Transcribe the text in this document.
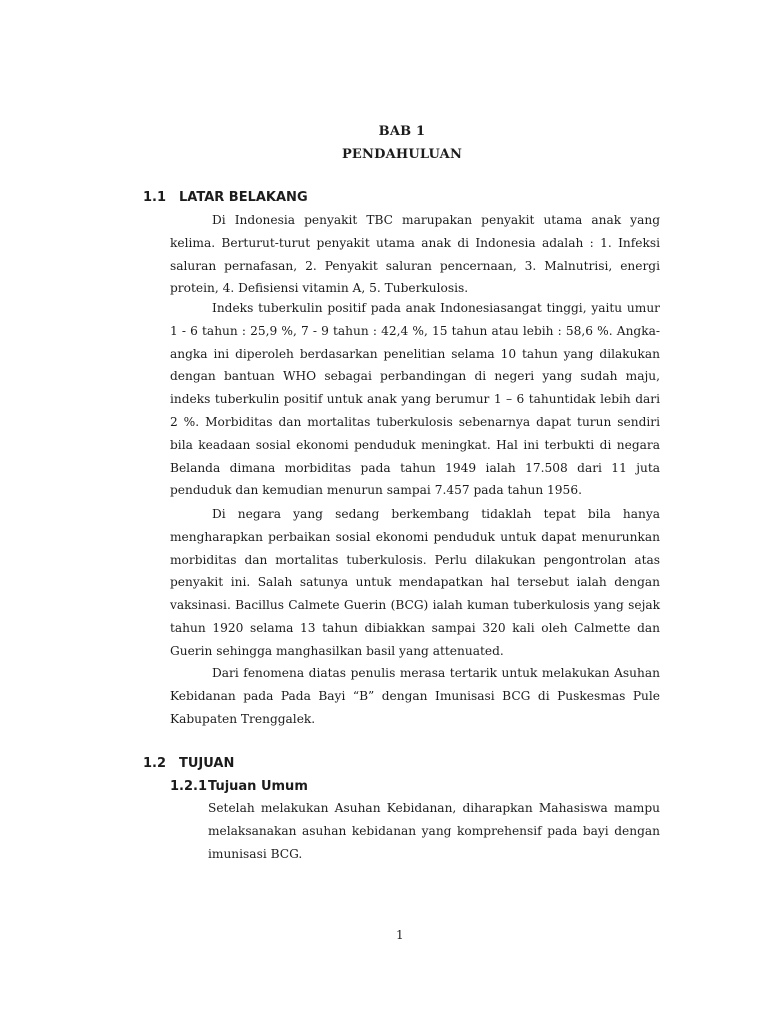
BAB 1
PENDAHULUAN
1.1 LATAR BELAKANG

Di Indonesia penyakit TBC marupakan penyakit utama anak yang kelima. Berturut-turut penyakit utama anak di Indonesia adalah : 1. Infeksi saluran pernafasan, 2. Penyakit saluran pencernaan, 3. Malnutrisi, energi protein, 4. Defisiensi vitamin A, 5. Tuberkulosis.

Indeks tuberkulin positif pada anak Indonesiasangat tinggi, yaitu umur 1 - 6 tahun : 25,9 %, 7 - 9 tahun : 42,4 %, 15 tahun atau lebih : 58,6 %. Angka-angka ini diperoleh berdasarkan penelitian selama 10 tahun yang dilakukan dengan bantuan WHO sebagai perbandingan di negeri yang sudah maju, indeks tuberkulin positif untuk anak yang berumur 1 – 6 tahuntidak lebih dari 2 %. Morbiditas dan mortalitas tuberkulosis sebenarnya dapat turun sendiri bila keadaan sosial ekonomi penduduk meningkat. Hal ini terbukti di negara Belanda dimana morbiditas pada tahun 1949 ialah 17.508 dari 11 juta penduduk dan kemudian menurun sampai 7.457 pada tahun 1956.

Di negara yang sedang berkembang tidaklah tepat bila hanya mengharapkan perbaikan sosial ekonomi penduduk untuk dapat menurunkan morbiditas dan mortalitas tuberkulosis. Perlu dilakukan pengontrolan atas penyakit ini. Salah satunya untuk mendapatkan hal tersebut ialah dengan vaksinasi. Bacillus Calmete Guerin (BCG) ialah kuman tuberkulosis yang sejak tahun 1920 selama 13 tahun dibiakkan sampai 320 kali oleh Calmette dan Guerin sehingga manghasilkan basil yang attenuated.

Dari fenomena diatas penulis merasa tertarik untuk melakukan Asuhan Kebidanan pada Pada Bayi “B” dengan Imunisasi BCG di Puskesmas Pule Kabupaten Trenggalek.

1.2 TUJUAN
1.2.1Tujuan Umum

Setelah melakukan Asuhan Kebidanan, diharapkan Mahasiswa mampu melaksanakan asuhan kebidanan yang komprehensif pada bayi dengan imunisasi BCG.

1
